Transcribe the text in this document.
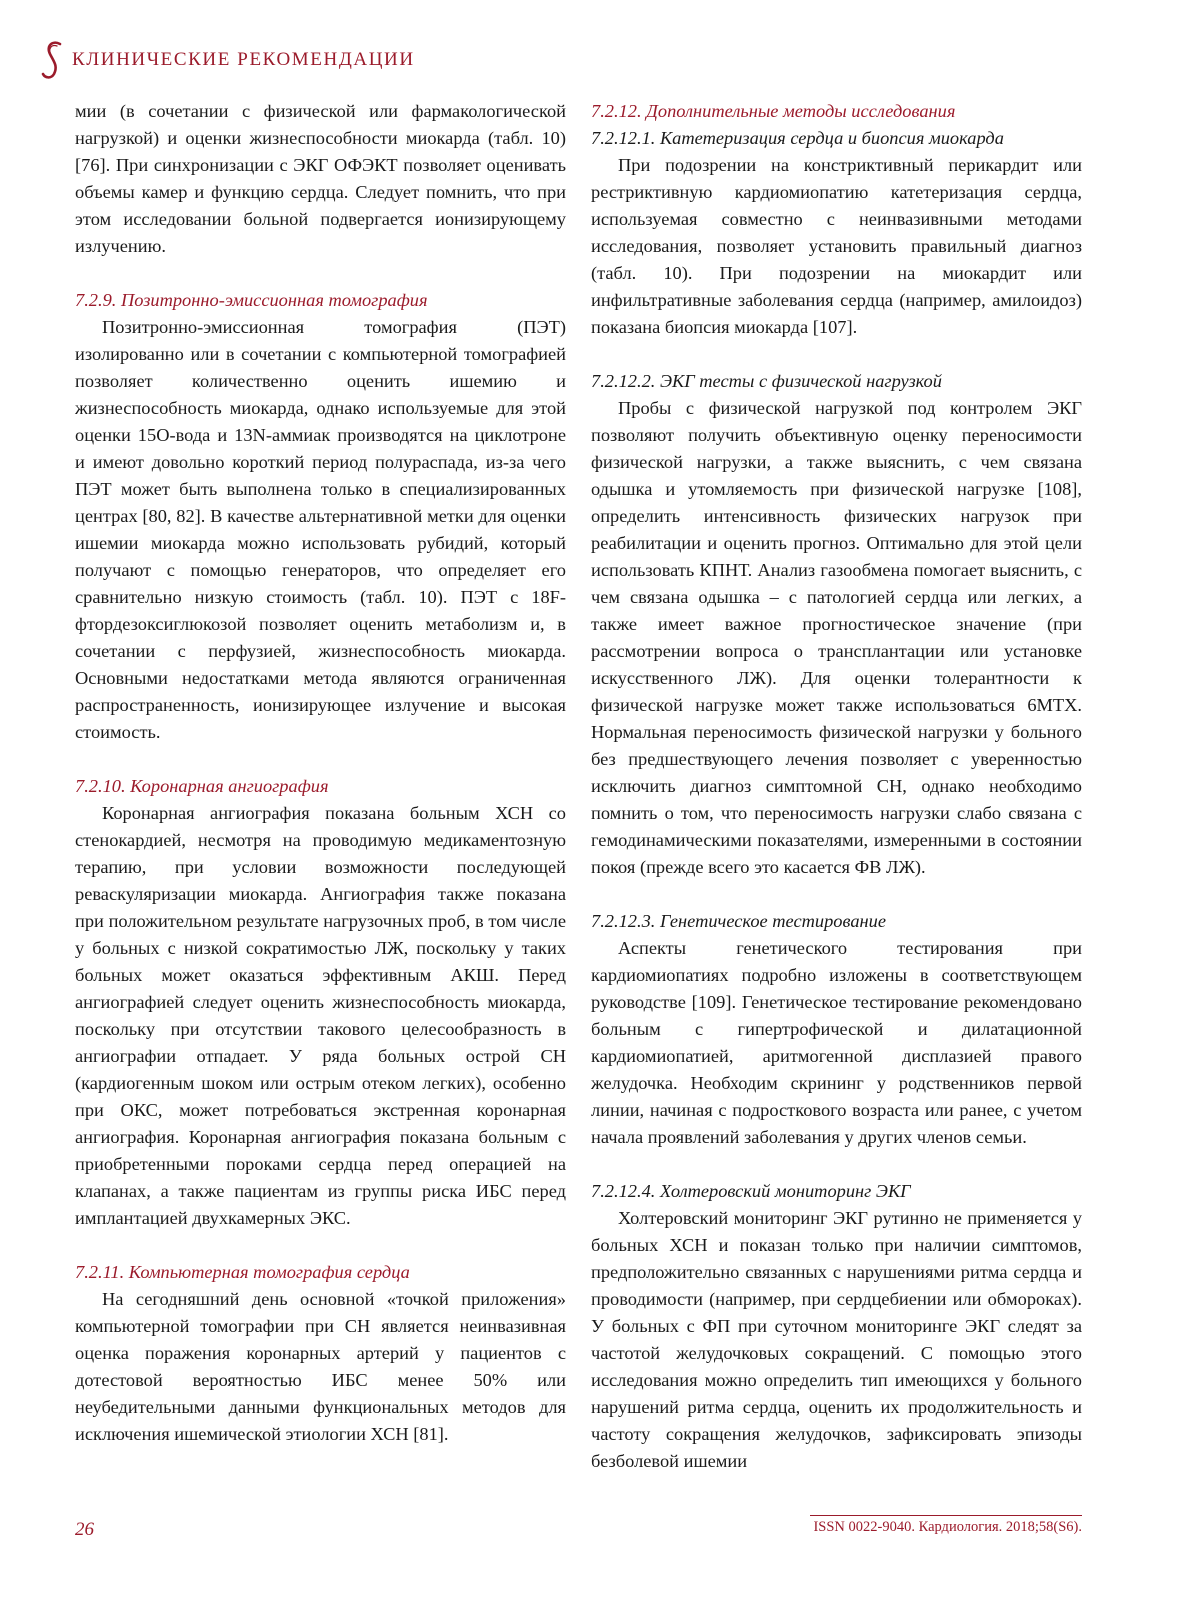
КЛИНИЧЕСКИЕ РЕКОМЕНДАЦИИ

мии (в сочетании с физической или фармакологической нагрузкой) и оценки жизнеспособности миокарда (табл. 10) [76]. При синхронизации с ЭКГ ОФЭКТ позволяет оценивать объемы камер и функцию сердца. Следует помнить, что при этом исследовании больной подвергается ионизирующему излучению.

7.2.9. Позитронно-эмиссионная томография

Позитронно-эмиссионная томография (ПЭТ) изолированно или в сочетании с компьютерной томографией позволяет количественно оценить ишемию и жизнеспособность миокарда, однако используемые для этой оценки 15O-вода и 13N-аммиак производятся на циклотроне и имеют довольно короткий период полураспада, из-за чего ПЭТ может быть выполнена только в специализированных центрах [80, 82]. В качестве альтернативной метки для оценки ишемии миокарда можно использовать рубидий, который получают с помощью генераторов, что определяет его сравнительно низкую стоимость (табл. 10). ПЭТ с 18F-фтордезоксиглюкозой позволяет оценить метаболизм и, в сочетании с перфузией, жизнеспособность миокарда. Основными недостатками метода являются ограниченная распространенность, ионизирующее излучение и высокая стоимость.

7.2.10. Коронарная ангиография

Коронарная ангиография показана больным ХСН со стенокардией, несмотря на проводимую медикаментозную терапию, при условии возможности последующей реваскуляризации миокарда. Ангиография также показана при положительном результате нагрузочных проб, в том числе у больных с низкой сократимостью ЛЖ, поскольку у таких больных может оказаться эффективным АКШ. Перед ангиографией следует оценить жизнеспособность миокарда, поскольку при отсутствии такового целесообразность в ангиографии отпадает. У ряда больных острой СН (кардиогенным шоком или острым отеком легких), особенно при ОКС, может потребоваться экстренная коронарная ангиография. Коронарная ангиография показана больным с приобретенными пороками сердца перед операцией на клапанах, а также пациентам из группы риска ИБС перед имплантацией двухкамерных ЭКС.

7.2.11. Компьютерная томография сердца

На сегодняшний день основной «точкой приложения» компьютерной томографии при СН является неинвазивная оценка поражения коронарных артерий у пациентов с дотестовой вероятностью ИБС менее 50% или неубедительными данными функциональных методов для исключения ишемической этиологии ХСН [81].

7.2.12. Дополнительные методы исследования
7.2.12.1. Катетеризация сердца и биопсия миокарда

При подозрении на констриктивный перикардит или рестриктивную кардиомиопатию катетеризация сердца, используемая совместно с неинвазивными методами исследования, позволяет установить правильный диагноз (табл. 10). При подозрении на миокардит или инфильтративные заболевания сердца (например, амилоидоз) показана биопсия миокарда [107].

7.2.12.2. ЭКГ тесты с физической нагрузкой

Пробы с физической нагрузкой под контролем ЭКГ позволяют получить объективную оценку переносимости физической нагрузки, а также выяснить, с чем связана одышка и утомляемость при физической нагрузке [108], определить интенсивность физических нагрузок при реабилитации и оценить прогноз. Оптимально для этой цели использовать КПНТ. Анализ газообмена помогает выяснить, с чем связана одышка – с патологией сердца или легких, а также имеет важное прогностическое значение (при рассмотрении вопроса о трансплантации или установке искусственного ЛЖ). Для оценки толерантности к физической нагрузке может также использоваться 6МТХ. Нормальная переносимость физической нагрузки у больного без предшествующего лечения позволяет с уверенностью исключить диагноз симптомной СН, однако необходимо помнить о том, что переносимость нагрузки слабо связана с гемодинамическими показателями, измеренными в состоянии покоя (прежде всего это касается ФВ ЛЖ).

7.2.12.3. Генетическое тестирование

Аспекты генетического тестирования при кардиомиопатиях подробно изложены в соответствующем руководстве [109]. Генетическое тестирование рекомендовано больным с гипертрофической и дилатационной кардиомиопатией, аритмогенной дисплазией правого желудочка. Необходим скрининг у родственников первой линии, начиная с подросткового возраста или ранее, с учетом начала проявлений заболевания у других членов семьи.

7.2.12.4. Холтеровский мониторинг ЭКГ

Холтеровский мониторинг ЭКГ рутинно не применяется у больных ХСН и показан только при наличии симптомов, предположительно связанных с нарушениями ритма сердца и проводимости (например, при сердцебиении или обмороках). У больных с ФП при суточном мониторинге ЭКГ следят за частотой желудочковых сокращений. С помощью этого исследования можно определить тип имеющихся у больного нарушений ритма сердца, оценить их продолжительность и частоту сокращения желудочков, зафиксировать эпизоды безболевой ишемии

26	ISSN 0022-9040. Кардиология. 2018;58(S6).
